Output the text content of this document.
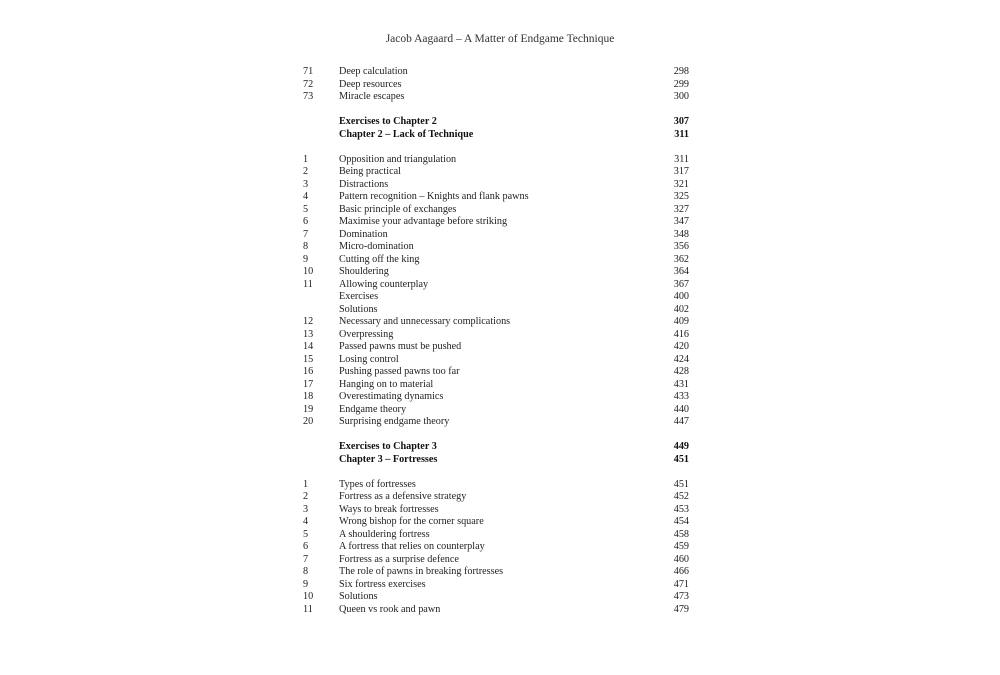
Jacob Aagaard – A Matter of Endgame Technique
71	Deep calculation	298
72	Deep resources	299
73	Miracle escapes	300
Exercises to Chapter 2	307
Chapter 2 – Lack of Technique	311
1	Opposition and triangulation	311
2	Being practical	317
3	Distractions	321
4	Pattern recognition – Knights and flank pawns	325
5	Basic principle of exchanges	327
6	Maximise your advantage before striking	347
7	Domination	348
8	Micro-domination	356
9	Cutting off the king	362
10	Shouldering	364
11	Allowing counterplay	367
Exercises	400
Solutions	402
12	Necessary and unnecessary complications	409
13	Overpressing	416
14	Passed pawns must be pushed	420
15	Losing control	424
16	Pushing passed pawns too far	428
17	Hanging on to material	431
18	Overestimating dynamics	433
19	Endgame theory	440
20	Surprising endgame theory	447
Exercises to Chapter 3	449
Chapter 3 – Fortresses	451
1	Types of fortresses	451
2	Fortress as a defensive strategy	452
3	Ways to break fortresses	453
4	Wrong bishop for the corner square	454
5	A shouldering fortress	458
6	A fortress that relies on counterplay	459
7	Fortress as a surprise defence	460
8	The role of pawns in breaking fortresses	466
9	Six fortress exercises	471
10	Solutions	473
11	Queen vs rook and pawn	479
